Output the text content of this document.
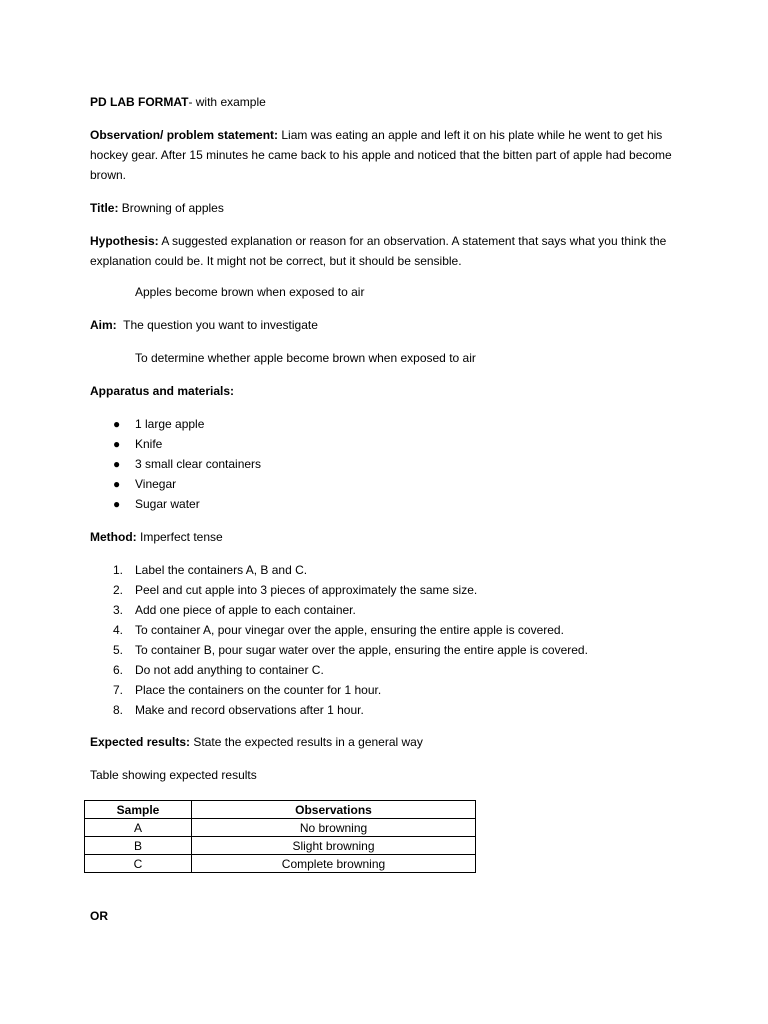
PD LAB FORMAT- with example
Observation/ problem statement: Liam was eating an apple and left it on his plate while he went to get his hockey gear. After 15 minutes he came back to his apple and noticed that the bitten part of apple had become brown.
Title: Browning of apples
Hypothesis: A suggested explanation or reason for an observation. A statement that says what you think the explanation could be. It might not be correct, but it should be sensible.
Apples become brown when exposed to air
Aim:  The question you want to investigate
To determine whether apple become brown when exposed to air
Apparatus and materials:
● 1 large apple
● Knife
● 3 small clear containers
● Vinegar
● Sugar water
Method: Imperfect tense
1. Label the containers A, B and C.
2. Peel and cut apple into 3 pieces of approximately the same size.
3. Add one piece of apple to each container.
4. To container A, pour vinegar over the apple, ensuring the entire apple is covered.
5. To container B, pour sugar water over the apple, ensuring the entire apple is covered.
6. Do not add anything to container C.
7. Place the containers on the counter for 1 hour.
8. Make and record observations after 1 hour.
Expected results: State the expected results in a general way
Table showing expected results
Sample	Observations
A	No browning
B	Slight browning
C	Complete browning
OR
